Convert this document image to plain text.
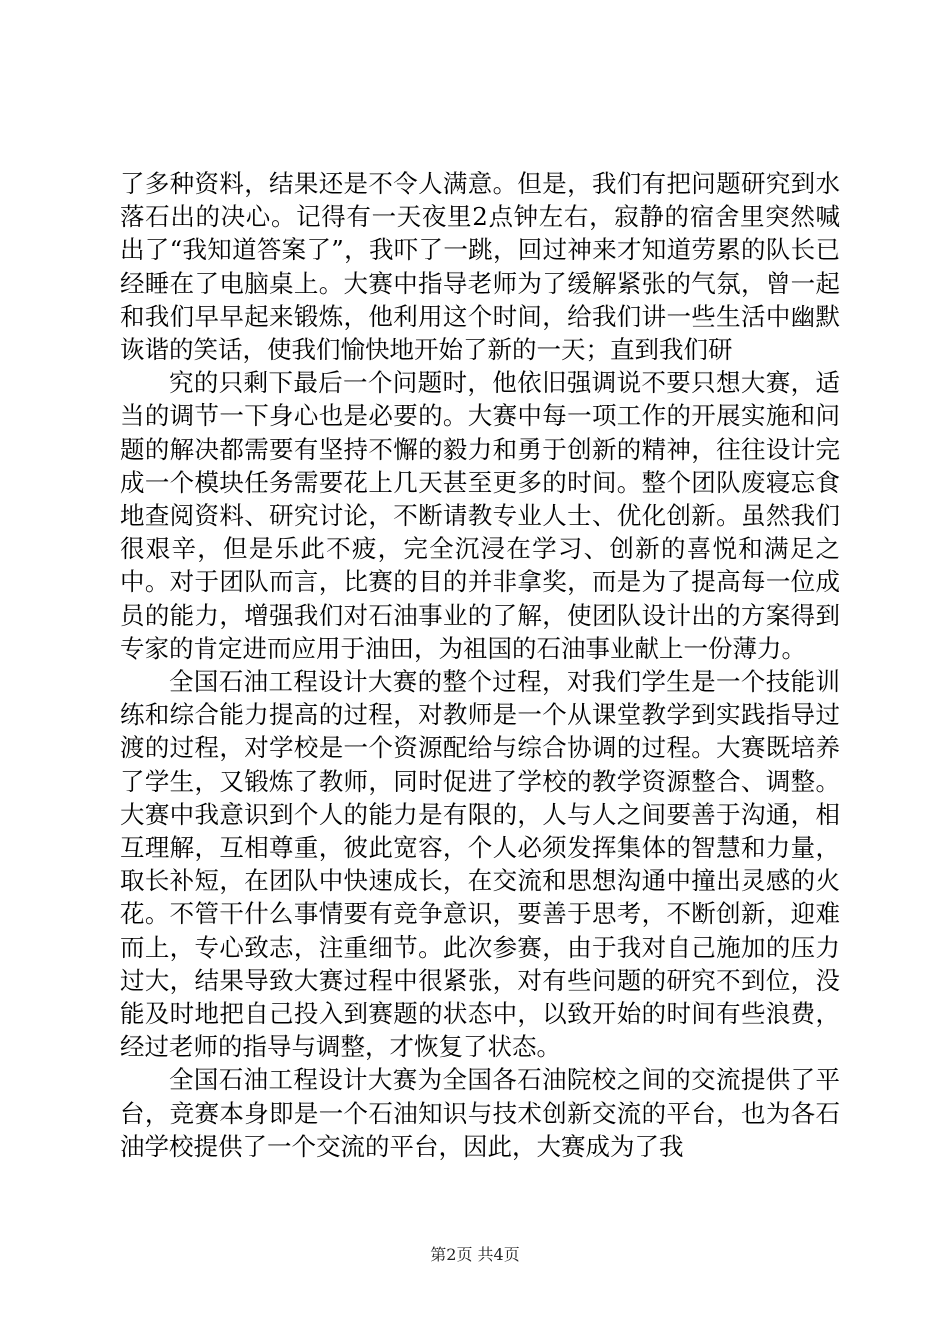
了多种资料，结果还是不令人满意。但是，我们有把问题研究到水落石出的决心。记得有一天夜里2点钟左右，寂静的宿舍里突然喊出了“我知道答案了”，我吓了一跳，回过神来才知道劳累的队长已经睡在了电脑桌上。大赛中指导老师为了缓解紧张的气氛，曾一起和我们早早起来锻炼，他利用这个时间，给我们讲一些生活中幽默诙谐的笑话，使我们愉快地开始了新的一天；直到我们研

究的只剩下最后一个问题时，他依旧强调说不要只想大赛，适当的调节一下身心也是必要的。大赛中每一项工作的开展实施和问题的解决都需要有坚持不懈的毅力和勇于创新的精神，往往设计完成一个模块任务需要花上几天甚至更多的时间。整个团队废寝忘食地查阅资料、研究讨论，不断请教专业人士、优化创新。虽然我们很艰辛，但是乐此不疲，完全沉浸在学习、创新的喜悦和满足之中。对于团队而言，比赛的目的并非拿奖，而是为了提高每一位成员的能力，增强我们对石油事业的了解，使团队设计出的方案得到专家的肯定进而应用于油田，为祖国的石油事业献上一份薄力。

全国石油工程设计大赛的整个过程，对我们学生是一个技能训练和综合能力提高的过程，对教师是一个从课堂教学到实践指导过渡的过程，对学校是一个资源配给与综合协调的过程。大赛既培养了学生，又锻炼了教师，同时促进了学校的教学资源整合、调整。大赛中我意识到个人的能力是有限的，人与人之间要善于沟通，相互理解，互相尊重，彼此宽容，个人必须发挥集体的智慧和力量，取长补短，在团队中快速成长，在交流和思想沟通中撞出灵感的火花。不管干什么事情要有竞争意识，要善于思考，不断创新，迎难而上，专心致志，注重细节。此次参赛，由于我对自己施加的压力过大，结果导致大赛过程中很紧张，对有些问题的研究不到位，没能及时地把自己投入到赛题的状态中，以致开始的时间有些浪费，经过老师的指导与调整，才恢复了状态。

全国石油工程设计大赛为全国各石油院校之间的交流提供了平台，竞赛本身即是一个石油知识与技术创新交流的平台，也为各石油学校提供了一个交流的平台，因此，大赛成为了我

第2页 共4页
